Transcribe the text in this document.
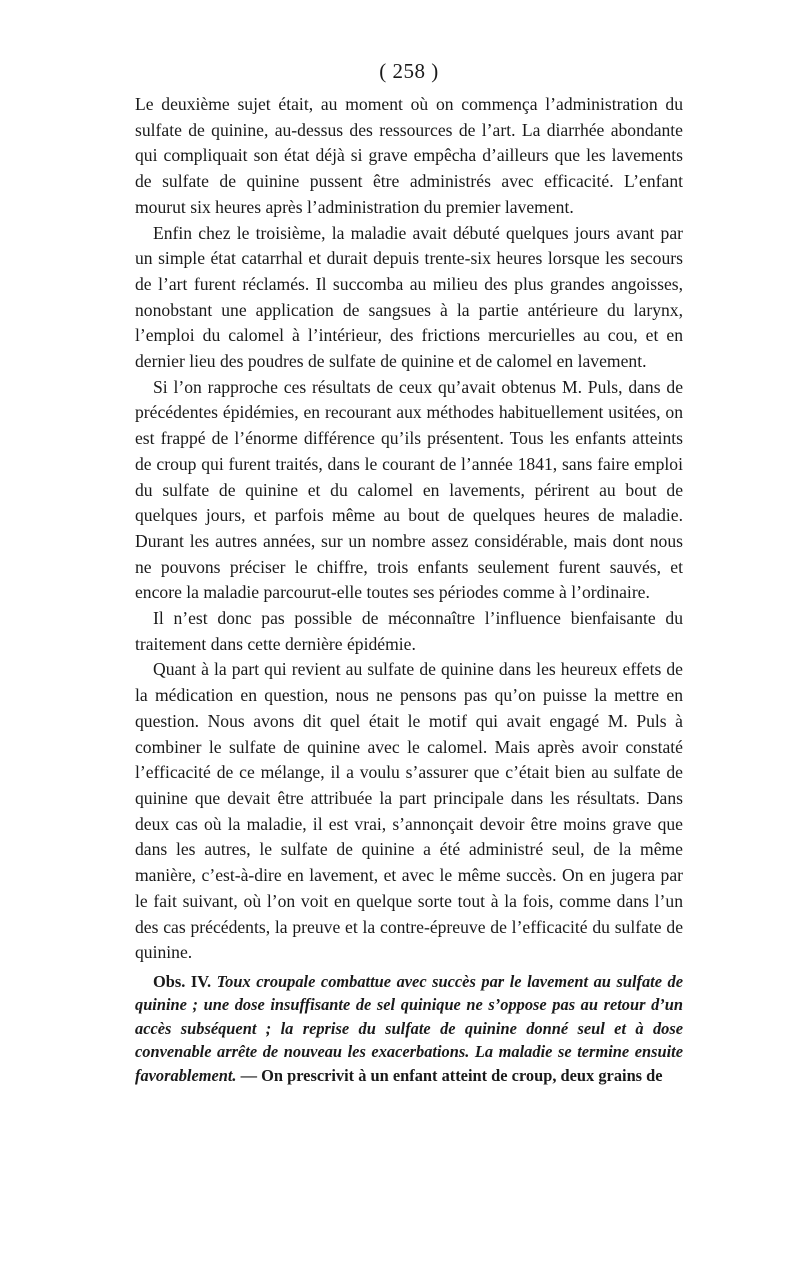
( 258 )

Le deuxième sujet était, au moment où on commença l’administration du sulfate de quinine, au-dessus des ressources de l’art. La diarrhée abondante qui compliquait son état déjà si grave empêcha d’ailleurs que les lavements de sulfate de quinine pussent être administrés avec efficacité. L’enfant mourut six heures après l’administration du premier lavement.

Enfin chez le troisième, la maladie avait débuté quelques jours avant par un simple état catarrhal et durait depuis trente-six heures lorsque les secours de l’art furent réclamés. Il succomba au milieu des plus grandes angoisses, nonobstant une application de sangsues à la partie antérieure du larynx, l’emploi du calomel à l’intérieur, des frictions mercurielles au cou, et en dernier lieu des poudres de sulfate de quinine et de calomel en lavement.

Si l’on rapproche ces résultats de ceux qu’avait obtenus M. Puls, dans de précédentes épidémies, en recourant aux méthodes habituellement usitées, on est frappé de l’énorme différence qu’ils présentent. Tous les enfants atteints de croup qui furent traités, dans le courant de l’année 1841, sans faire emploi du sulfate de quinine et du calomel en lavements, périrent au bout de quelques jours, et parfois même au bout de quelques heures de maladie. Durant les autres années, sur un nombre assez considérable, mais dont nous ne pouvons préciser le chiffre, trois enfants seulement furent sauvés, et encore la maladie parcourut-elle toutes ses périodes comme à l’ordinaire.

Il n’est donc pas possible de méconnaître l’influence bienfaisante du traitement dans cette dernière épidémie.

Quant à la part qui revient au sulfate de quinine dans les heureux effets de la médication en question, nous ne pensons pas qu’on puisse la mettre en question. Nous avons dit quel était le motif qui avait engagé M. Puls à combiner le sulfate de quinine avec le calomel. Mais après avoir constaté l’efficacité de ce mélange, il a voulu s’assurer que c’était bien au sulfate de quinine que devait être attribuée la part principale dans les résultats. Dans deux cas où la maladie, il est vrai, s’annonçait devoir être moins grave que dans les autres, le sulfate de quinine a été administré seul, de la même manière, c’est-à-dire en lavement, et avec le même succès. On en jugera par le fait suivant, où l’on voit en quelque sorte tout à la fois, comme dans l’un des cas précédents, la preuve et la contre-épreuve de l’efficacité du sulfate de quinine.

Obs. IV. Toux croupale combattue avec succès par le lavement au sulfate de quinine ; une dose insuffisante de sel quinique ne s’oppose pas au retour d’un accès subséquent ; la reprise du sulfate de quinine donné seul et à dose convenable arrête de nouveau les exacerbations. La maladie se termine ensuite favorablement. — On prescrivit à un enfant atteint de croup, deux grains de
